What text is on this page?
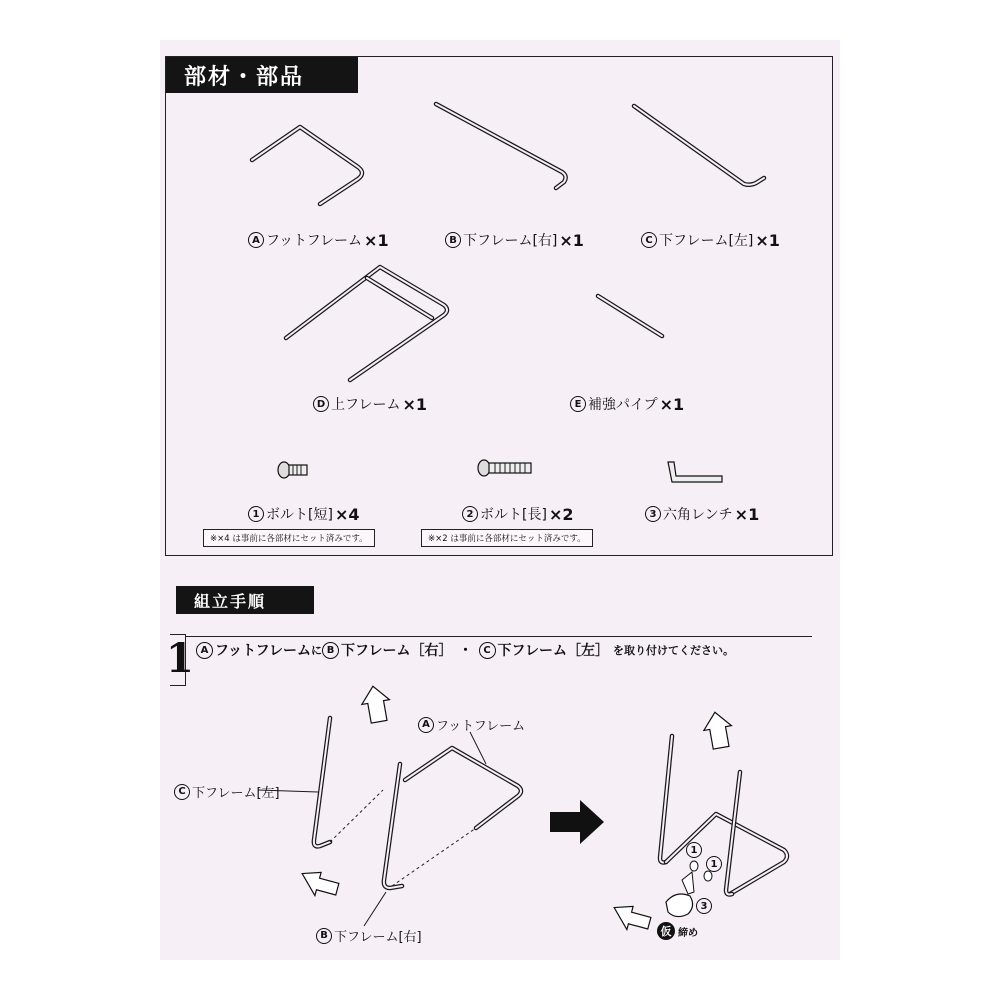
部材・部品
A フットフレーム ×1	B 下フレーム[右] ×1	C 下フレーム[左] ×1
D 上フレーム ×1	E 補強パイプ ×1
1 ボルト[短] ×4	2 ボルト[長] ×2	3 六角レンチ ×1
※×4 は事前に各部材にセット済みです。	※×2 は事前に各部材にセット済みです。
組立手順
1 A フットフレーム に B 下フレーム［右］ ・	C 下フレーム［左］ を取り付けてください。
A フットフレーム
C 下フレーム[左]
B 下フレーム[右]
1
1
3
仮 締め
